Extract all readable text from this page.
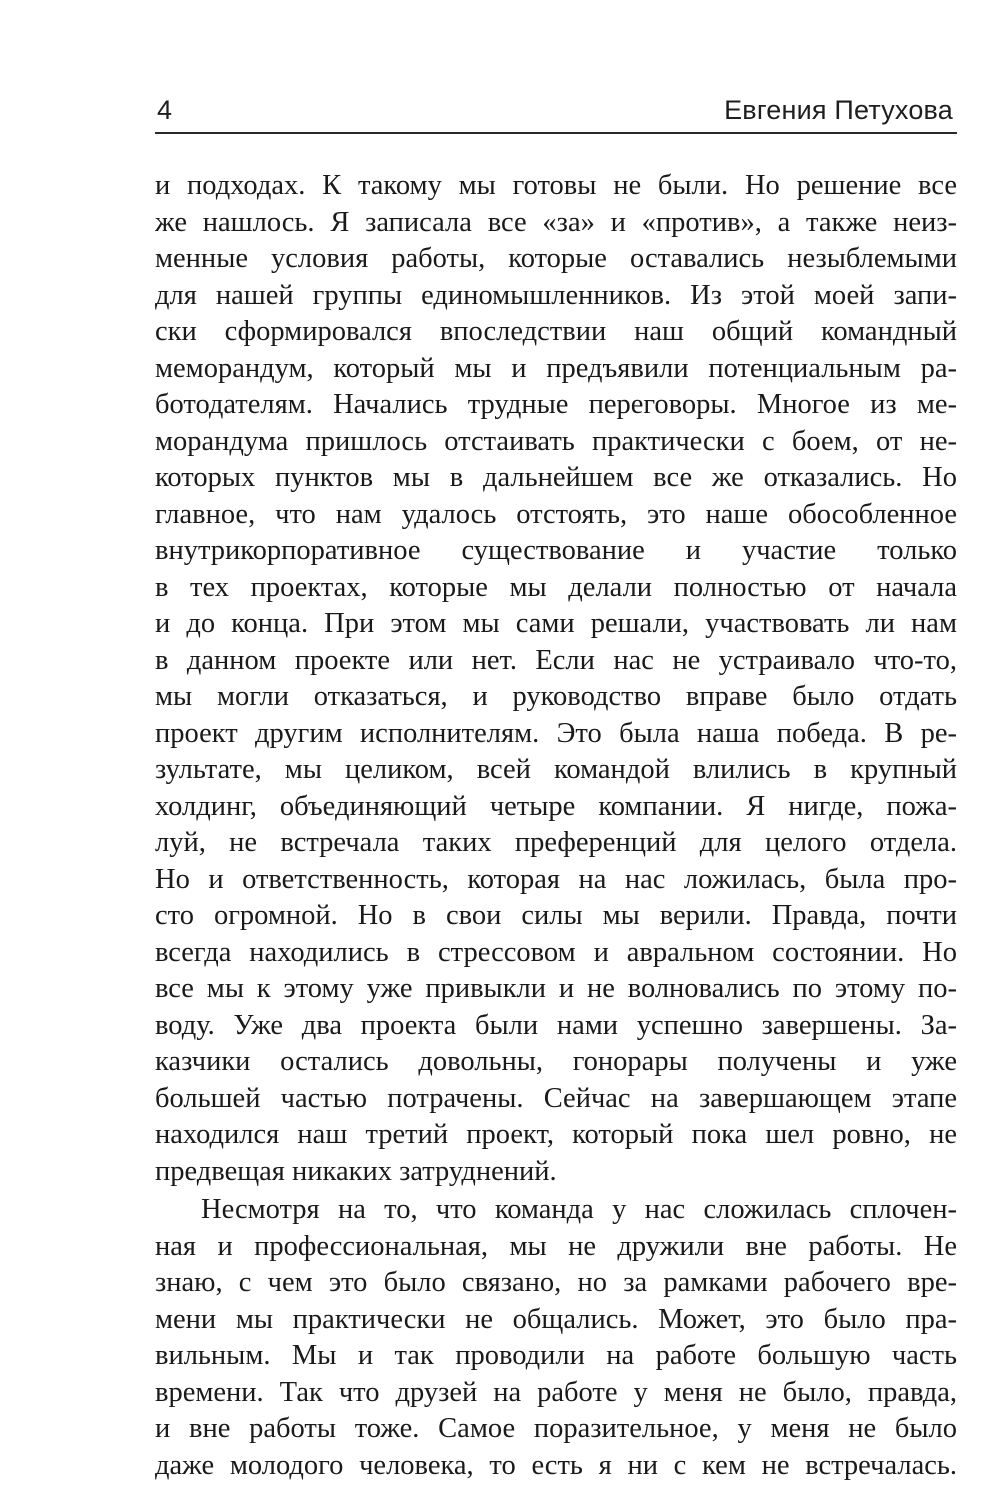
4	Евгения Петухова
и подходах. К такому мы готовы не были. Но решение все
же нашлось. Я записала все «за» и «против», а также неиз-
менные условия работы, которые оставались незыблемыми
для нашей группы единомышленников. Из этой моей запи-
ски сформировался впоследствии наш общий командный
меморандум, который мы и предъявили потенциальным ра-
ботодателям. Начались трудные переговоры. Многое из ме-
морандума пришлось отстаивать практически с боем, от не-
которых пунктов мы в дальнейшем все же отказались. Но
главное, что нам удалось отстоять, это наше обособленное
внутрикорпоративное существование и участие только
в тех проектах, которые мы делали полностью от начала
и до конца. При этом мы сами решали, участвовать ли нам
в данном проекте или нет. Если нас не устраивало что-то,
мы могли отказаться, и руководство вправе было отдать
проект другим исполнителям. Это была наша победа. В ре-
зультате, мы целиком, всей командой влились в крупный
холдинг, объединяющий четыре компании. Я нигде, пожа-
луй, не встречала таких преференций для целого отдела.
Но и ответственность, которая на нас ложилась, была про-
сто огромной. Но в свои силы мы верили. Правда, почти
всегда находились в стрессовом и авральном состоянии. Но
все мы к этому уже привыкли и не волновались по этому по-
воду. Уже два проекта были нами успешно завершены. За-
казчики остались довольны, гонорары получены и уже
большей частью потрачены. Сейчас на завершающем этапе
находился наш третий проект, который пока шел ровно, не
предвещая никаких затруднений.
Несмотря на то, что команда у нас сложилась сплочен-
ная и профессиональная, мы не дружили вне работы. Не
знаю, с чем это было связано, но за рамками рабочего вре-
мени мы практически не общались. Может, это было пра-
вильным. Мы и так проводили на работе большую часть
времени. Так что друзей на работе у меня не было, правда,
и вне работы тоже. Самое поразительное, у меня не было
даже молодого человека, то есть я ни с кем не встречалась.
